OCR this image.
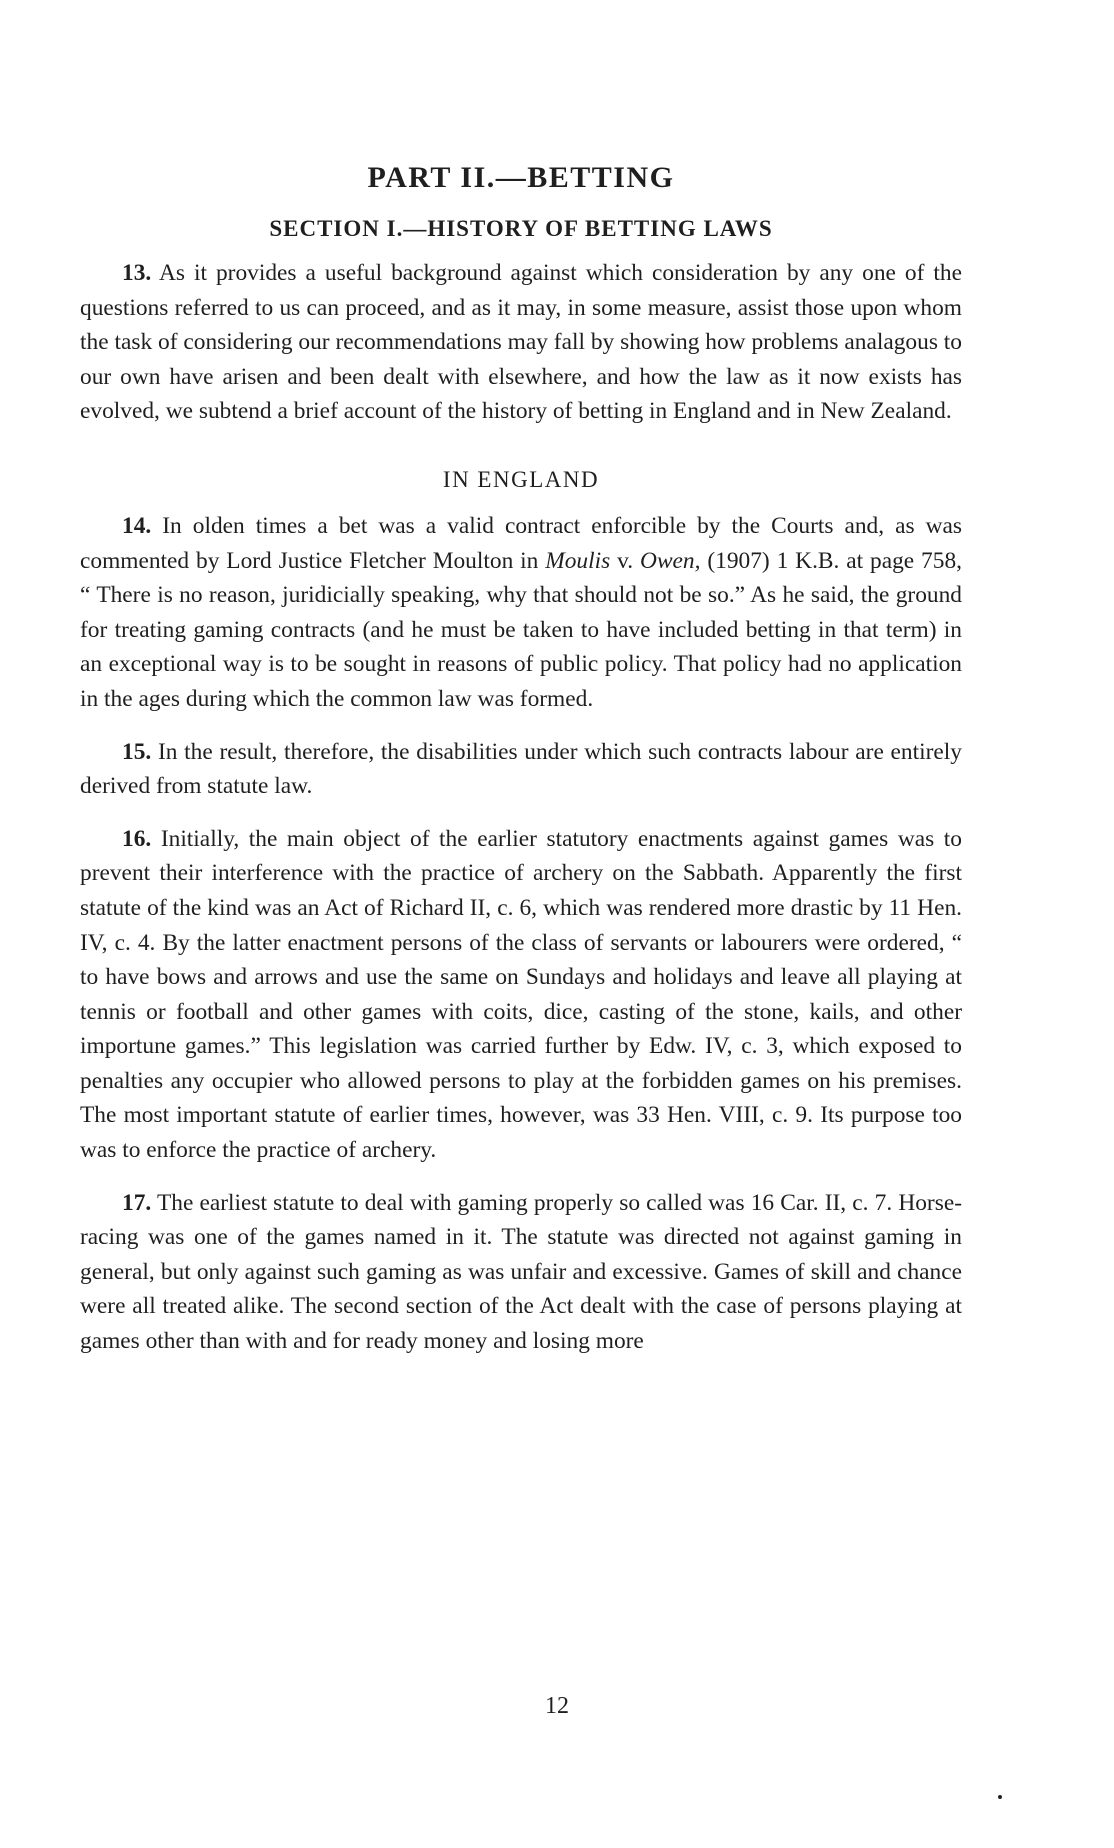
PART II.—BETTING
SECTION I.—HISTORY OF BETTING LAWS

13. As it provides a useful background against which consideration by any one of the questions referred to us can proceed, and as it may, in some measure, assist those upon whom the task of considering our recommendations may fall by showing how problems analagous to our own have arisen and been dealt with elsewhere, and how the law as it now exists has evolved, we subtend a brief account of the history of betting in England and in New Zealand.

IN ENGLAND

14. In olden times a bet was a valid contract enforcible by the Courts and, as was commented by Lord Justice Fletcher Moulton in Moulis v. Owen, (1907) 1 K.B. at page 758, “ There is no reason, juridicially speaking, why that should not be so.” As he said, the ground for treating gaming contracts (and he must be taken to have included betting in that term) in an exceptional way is to be sought in reasons of public policy. That policy had no application in the ages during which the common law was formed.

15. In the result, therefore, the disabilities under which such contracts labour are entirely derived from statute law.

16. Initially, the main object of the earlier statutory enactments against games was to prevent their interference with the practice of archery on the Sabbath. Apparently the first statute of the kind was an Act of Richard II, c. 6, which was rendered more drastic by 11 Hen. IV, c. 4. By the latter enactment persons of the class of servants or labourers were ordered, “ to have bows and arrows and use the same on Sundays and holidays and leave all playing at tennis or football and other games with coits, dice, casting of the stone, kails, and other importune games.” This legislation was carried further by Edw. IV, c. 3, which exposed to penalties any occupier who allowed persons to play at the forbidden games on his premises. The most important statute of earlier times, however, was 33 Hen. VIII, c. 9. Its purpose too was to enforce the practice of archery.

17. The earliest statute to deal with gaming properly so called was 16 Car. II, c. 7. Horse-racing was one of the games named in it. The statute was directed not against gaming in general, but only against such gaming as was unfair and excessive. Games of skill and chance were all treated alike. The second section of the Act dealt with the case of persons playing at games other than with and for ready money and losing more

12
